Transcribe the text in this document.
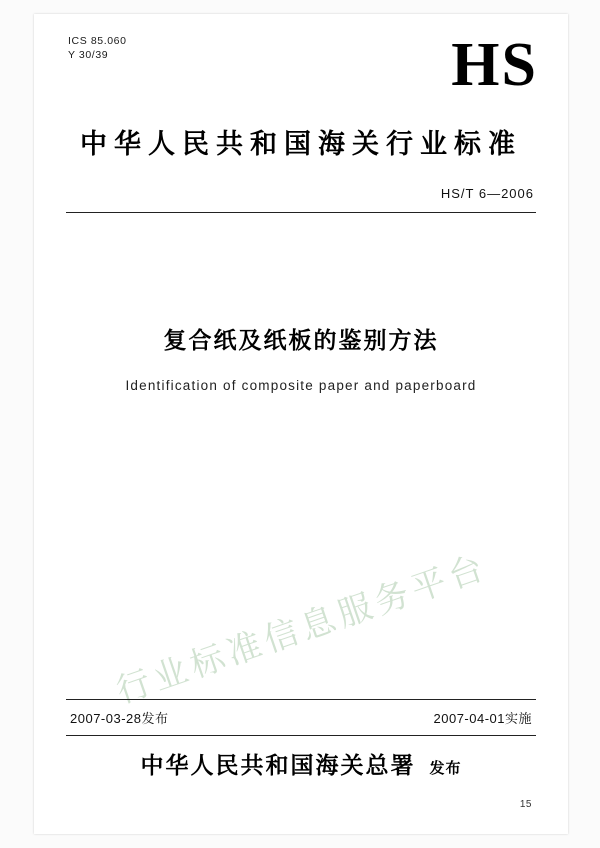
ICS 85.060
Y 30/39	HS
中华人民共和国海关行业标准
HS/T 6—2006
复合纸及纸板的鉴别方法
Identification of composite paper and paperboard
行业标准信息服务平台
2007-03-28发布	2007-04-01实施
中华人民共和国海关总署 发布
15
